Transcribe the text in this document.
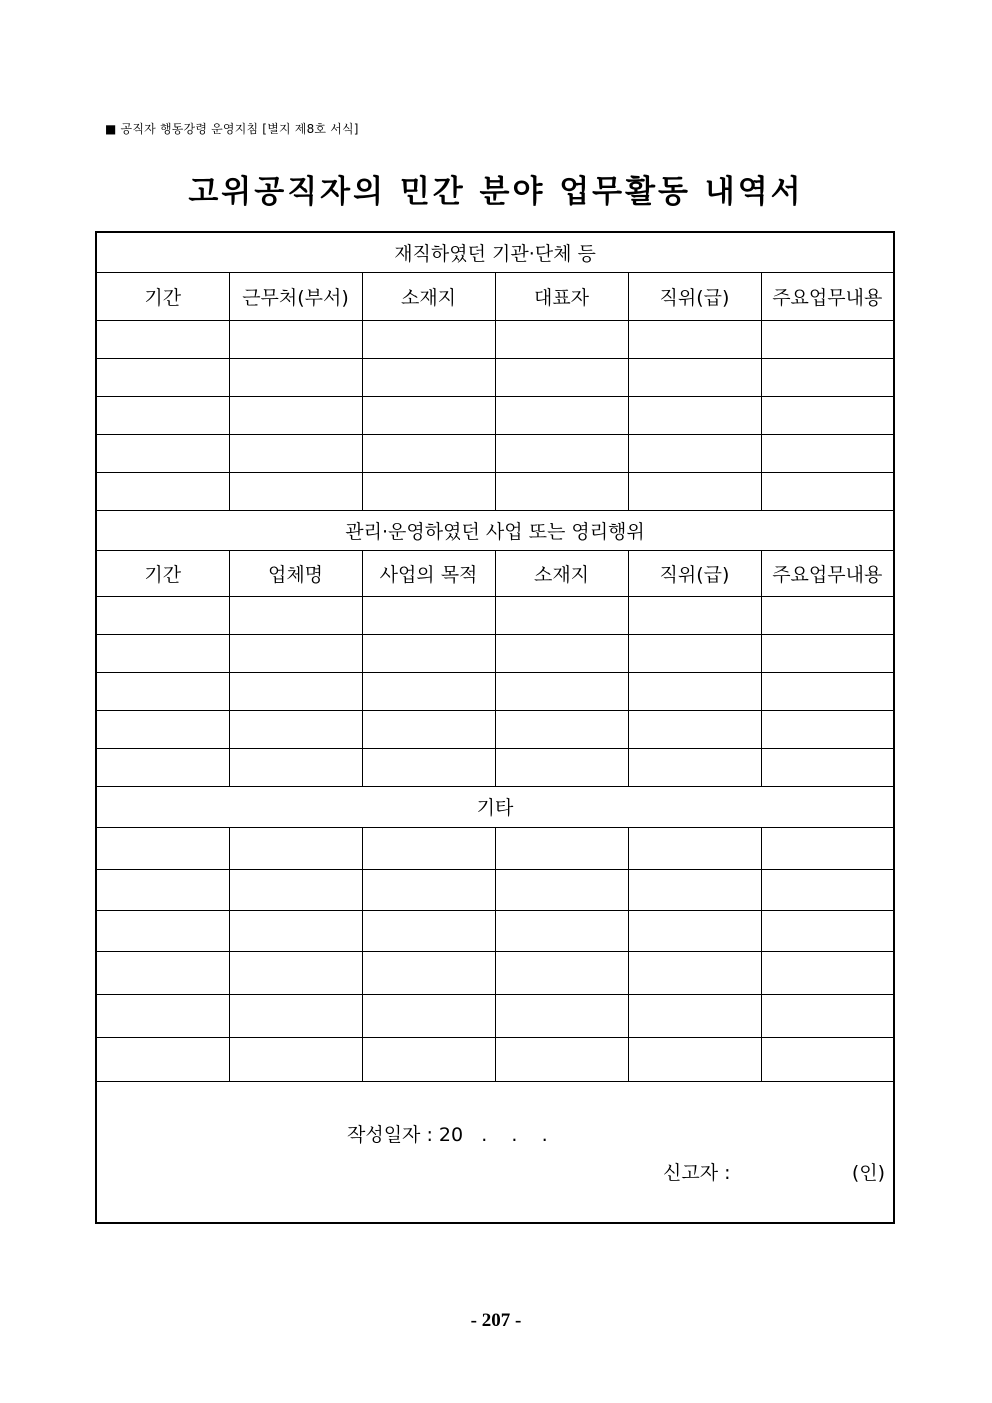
■ 공직자 행동강령 운영지침 [별지 제8호 서식]
고위공직자의 민간 분야 업무활동 내역서
재직하였던 기관·단체 등					
기간	근무처(부서)	소재지	대표자	직위(급)	주요업무내용

관리·운영하였던 사업 또는 영리행위					
기간	업체명	사업의 목적	소재지	직위(급)	주요업무내용

기타					

작성일자 : 20   .    .    .
신고자 : (인)					
- 207 -
